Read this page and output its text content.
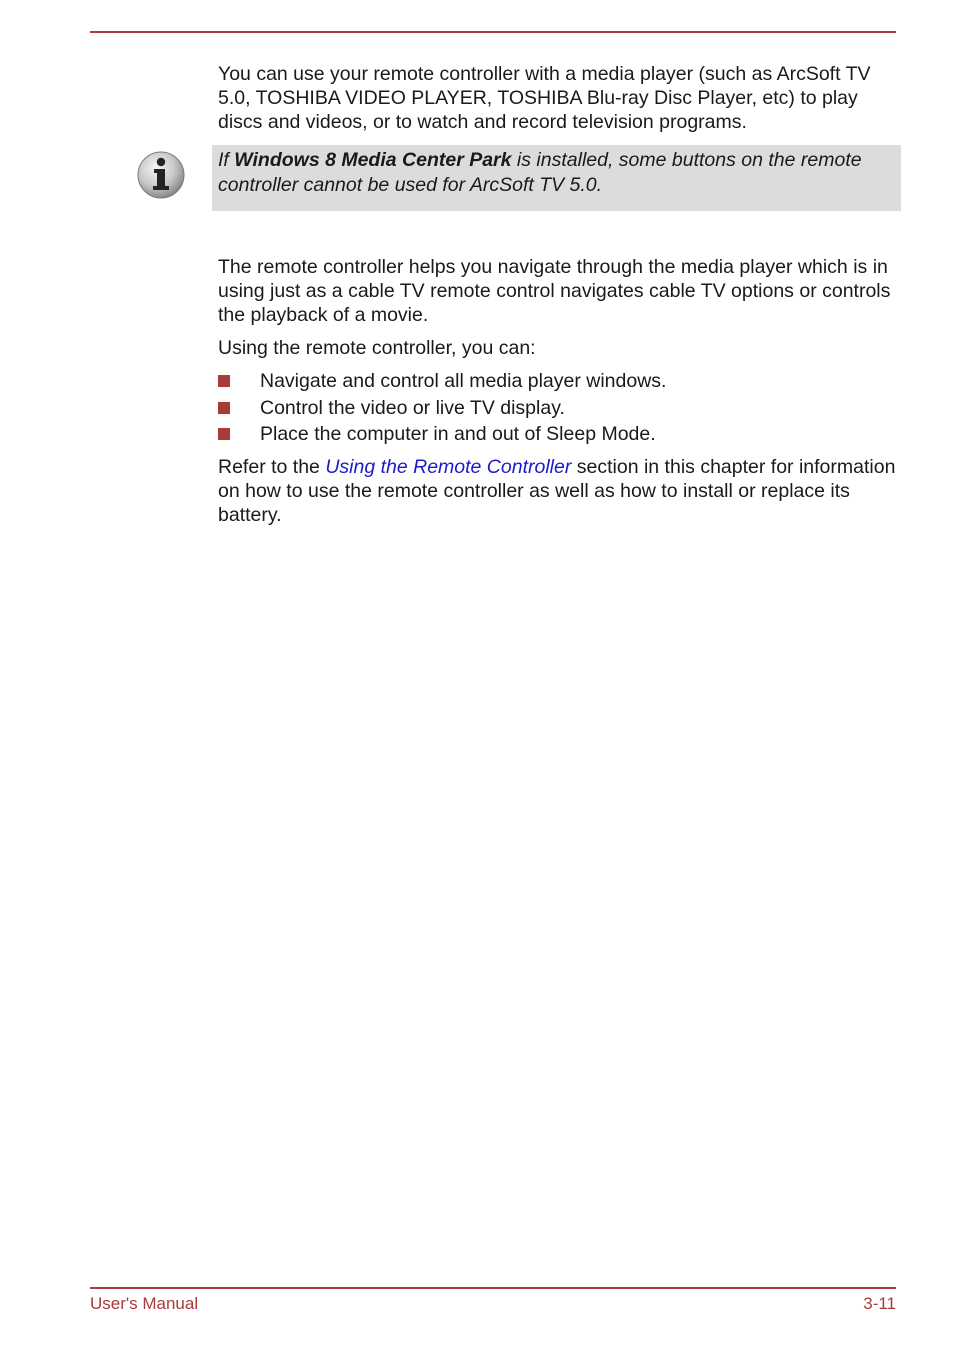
If Windows 8 Media Center Park is installed, some buttons on the remote controller cannot be used for ArcSoft TV 5.0.

You can use your remote controller with a media player (such as ArcSoft TV 5.0, TOSHIBA VIDEO PLAYER, TOSHIBA Blu-ray Disc Player, etc) to play discs and videos, or to watch and record television programs.

The remote controller helps you navigate through the media player which is in using just as a cable TV remote control navigates cable TV options or controls the playback of a movie.

Using the remote controller, you can:

Navigate and control all media player windows.
Control the video or live TV display.
Place the computer in and out of Sleep Mode.

Refer to the Using the Remote Controller section in this chapter for information on how to use the remote controller as well as how to install or replace its battery.

User's Manual	3-11
